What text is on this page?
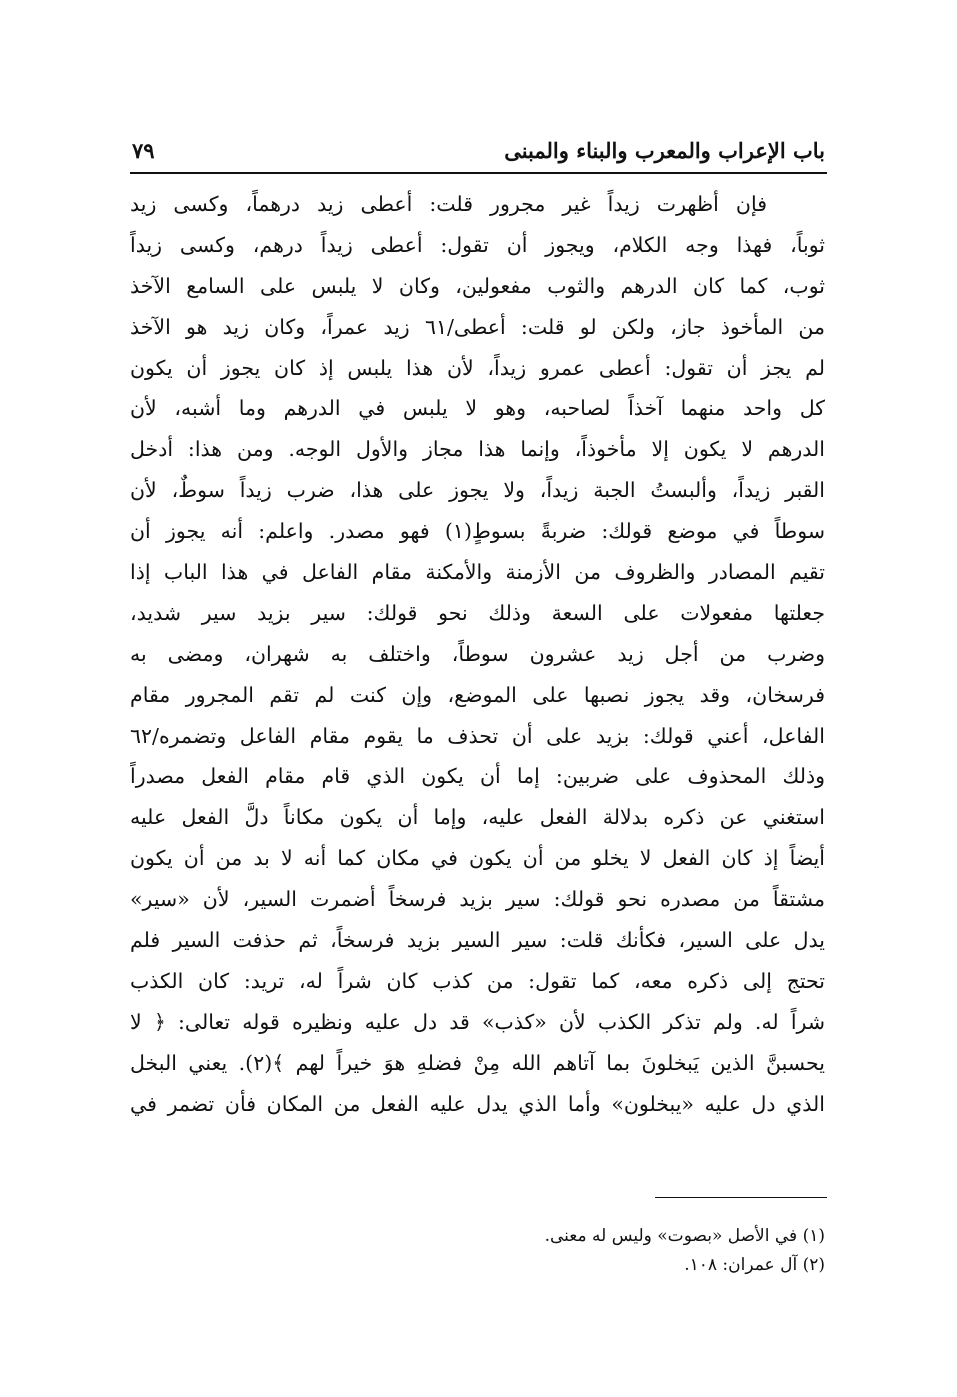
باب الإعراب والمعرب والبناء والمبنى
٧٩
فإن أظهرت زيداً غير مجرور قلت: أعطى زيد درهماً، وكسى زيد
ثوباً، فهذا وجه الكلام، ويجوز أن تقول: أعطى زيداً درهم، وكسى زيداً
ثوب، كما كان الدرهم والثوب مفعولين، وكان لا يلبس على السامع الآخذ
من المأخوذ جاز، ولكن لو قلت: أعطى/٦١ زيد عمراً، وكان زيد هو الآخذ
لم يجز أن تقول: أعطى عمرو زيداً، لأن هذا يلبس إذ كان يجوز أن يكون
كل واحد منهما آخذاً لصاحبه، وهو لا يلبس في الدرهم وما أشبه، لأن
الدرهم لا يكون إلا مأخوذاً، وإنما هذا مجاز والأول الوجه. ومن هذا: أدخل
القبر زيداً، وألبستُ الجبة زيداً، ولا يجوز على هذا، ضرب زيداً سوطٌ، لأن
سوطاً في موضع قولك: ضربةً بسوطٍ(١) فهو مصدر. واعلم: أنه يجوز أن
تقيم المصادر والظروف من الأزمنة والأمكنة مقام الفاعل في هذا الباب إذا
جعلتها مفعولات على السعة وذلك نحو قولك: سير بزيد سير شديد،
وضرب من أجل زيد عشرون سوطاً، واختلف به شهران، ومضى به
فرسخان، وقد يجوز نصبها على الموضع، وإن كنت لم تقم المجرور مقام
الفاعل، أعني قولك: بزيد على أن تحذف ما يقوم مقام الفاعل وتضمره/٦٢
وذلك المحذوف على ضربين: إما أن يكون الذي قام مقام الفعل مصدراً
استغني عن ذكره بدلالة الفعل عليه، وإما أن يكون مكاناً دلَّ الفعل عليه
أيضاً إذ كان الفعل لا يخلو من أن يكون في مكان كما أنه لا بد من أن يكون
مشتقاً من مصدره نحو قولك: سير بزيد فرسخاً أضمرت السير، لأن «سير»
يدل على السير، فكأنك قلت: سير السير بزيد فرسخاً، ثم حذفت السير فلم
تحتج إلى ذكره معه، كما تقول: من كذب كان شراً له، تريد: كان الكذب
شراً له. ولم تذكر الكذب لأن «كذب» قد دل عليه ونظيره قوله تعالى: ﴿ لا
يحسبنَّ الذين يَبخلونَ بما آتاهم الله مِنْ فضلهِ هوَ خيراً لهم ﴾(٢). يعني البخل
الذي دل عليه «يبخلون» وأما الذي يدل عليه الفعل من المكان فأن تضمر في
(١) في الأصل «بصوت» وليس له معنى.
(٢) آل عمران: ١٠٨.
